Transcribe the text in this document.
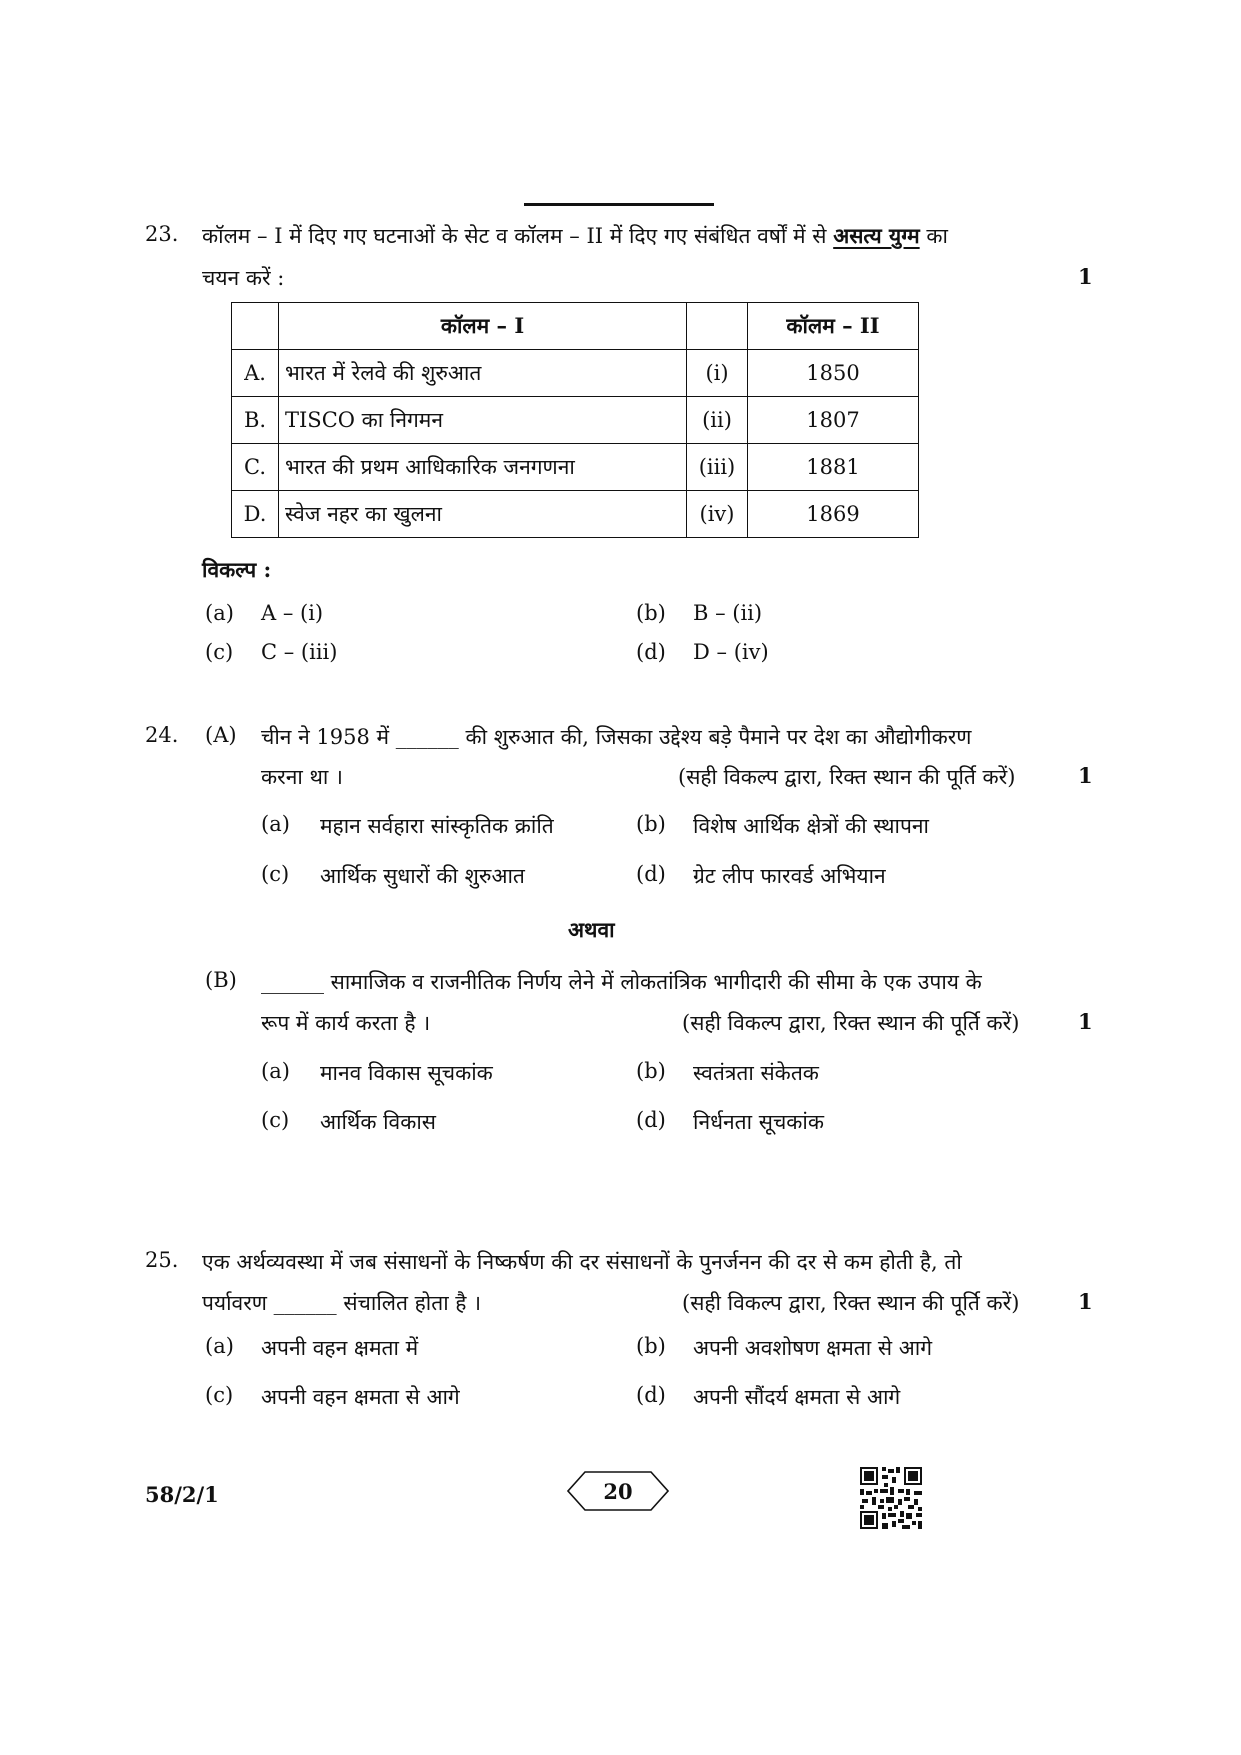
23. कॉलम – I में दिए गए घटनाओं के सेट व कॉलम – II में दिए गए संबंधित वर्षों में से असत्य युग्म का
चयन करें :	1
	कॉलम – I		कॉलम – II
A.	भारत में रेलवे की शुरुआत	(i)	1850
B.	TISCO का निगमन	(ii)	1807
C.	भारत की प्रथम आधिकारिक जनगणना	(iii)	1881
D.	स्वेज नहर का खुलना	(iv)	1869
विकल्प :
(a) A – (i)	(b) B – (ii)
(c) C – (iii)	(d) D – (iv)
24. (A) चीन ने 1958 में ______ की शुरुआत की, जिसका उद्देश्य बड़े पैमाने पर देश का औद्योगीकरण
करना था ।	(सही विकल्प द्वारा, रिक्त स्थान की पूर्ति करें)	1
(a) महान सर्वहारा सांस्कृतिक क्रांति	(b) विशेष आर्थिक क्षेत्रों की स्थापना
(c) आर्थिक सुधारों की शुरुआत	(d) ग्रेट लीप फारवर्ड अभियान
अथवा
(B) ______ सामाजिक व राजनीतिक निर्णय लेने में लोकतांत्रिक भागीदारी की सीमा के एक उपाय के
रूप में कार्य करता है ।	(सही विकल्प द्वारा, रिक्त स्थान की पूर्ति करें)	1
(a) मानव विकास सूचकांक	(b) स्वतंत्रता संकेतक
(c) आर्थिक विकास	(d) निर्धनता सूचकांक
25. एक अर्थव्यवस्था में जब संसाधनों के निष्कर्षण की दर संसाधनों के पुनर्जनन की दर से कम होती है, तो
पर्यावरण ______ संचालित होता है ।	(सही विकल्प द्वारा, रिक्त स्थान की पूर्ति करें)	1
(a) अपनी वहन क्षमता में	(b) अपनी अवशोषण क्षमता से आगे
(c) अपनी वहन क्षमता से आगे	(d) अपनी सौंदर्य क्षमता से आगे
58/2/1	20
